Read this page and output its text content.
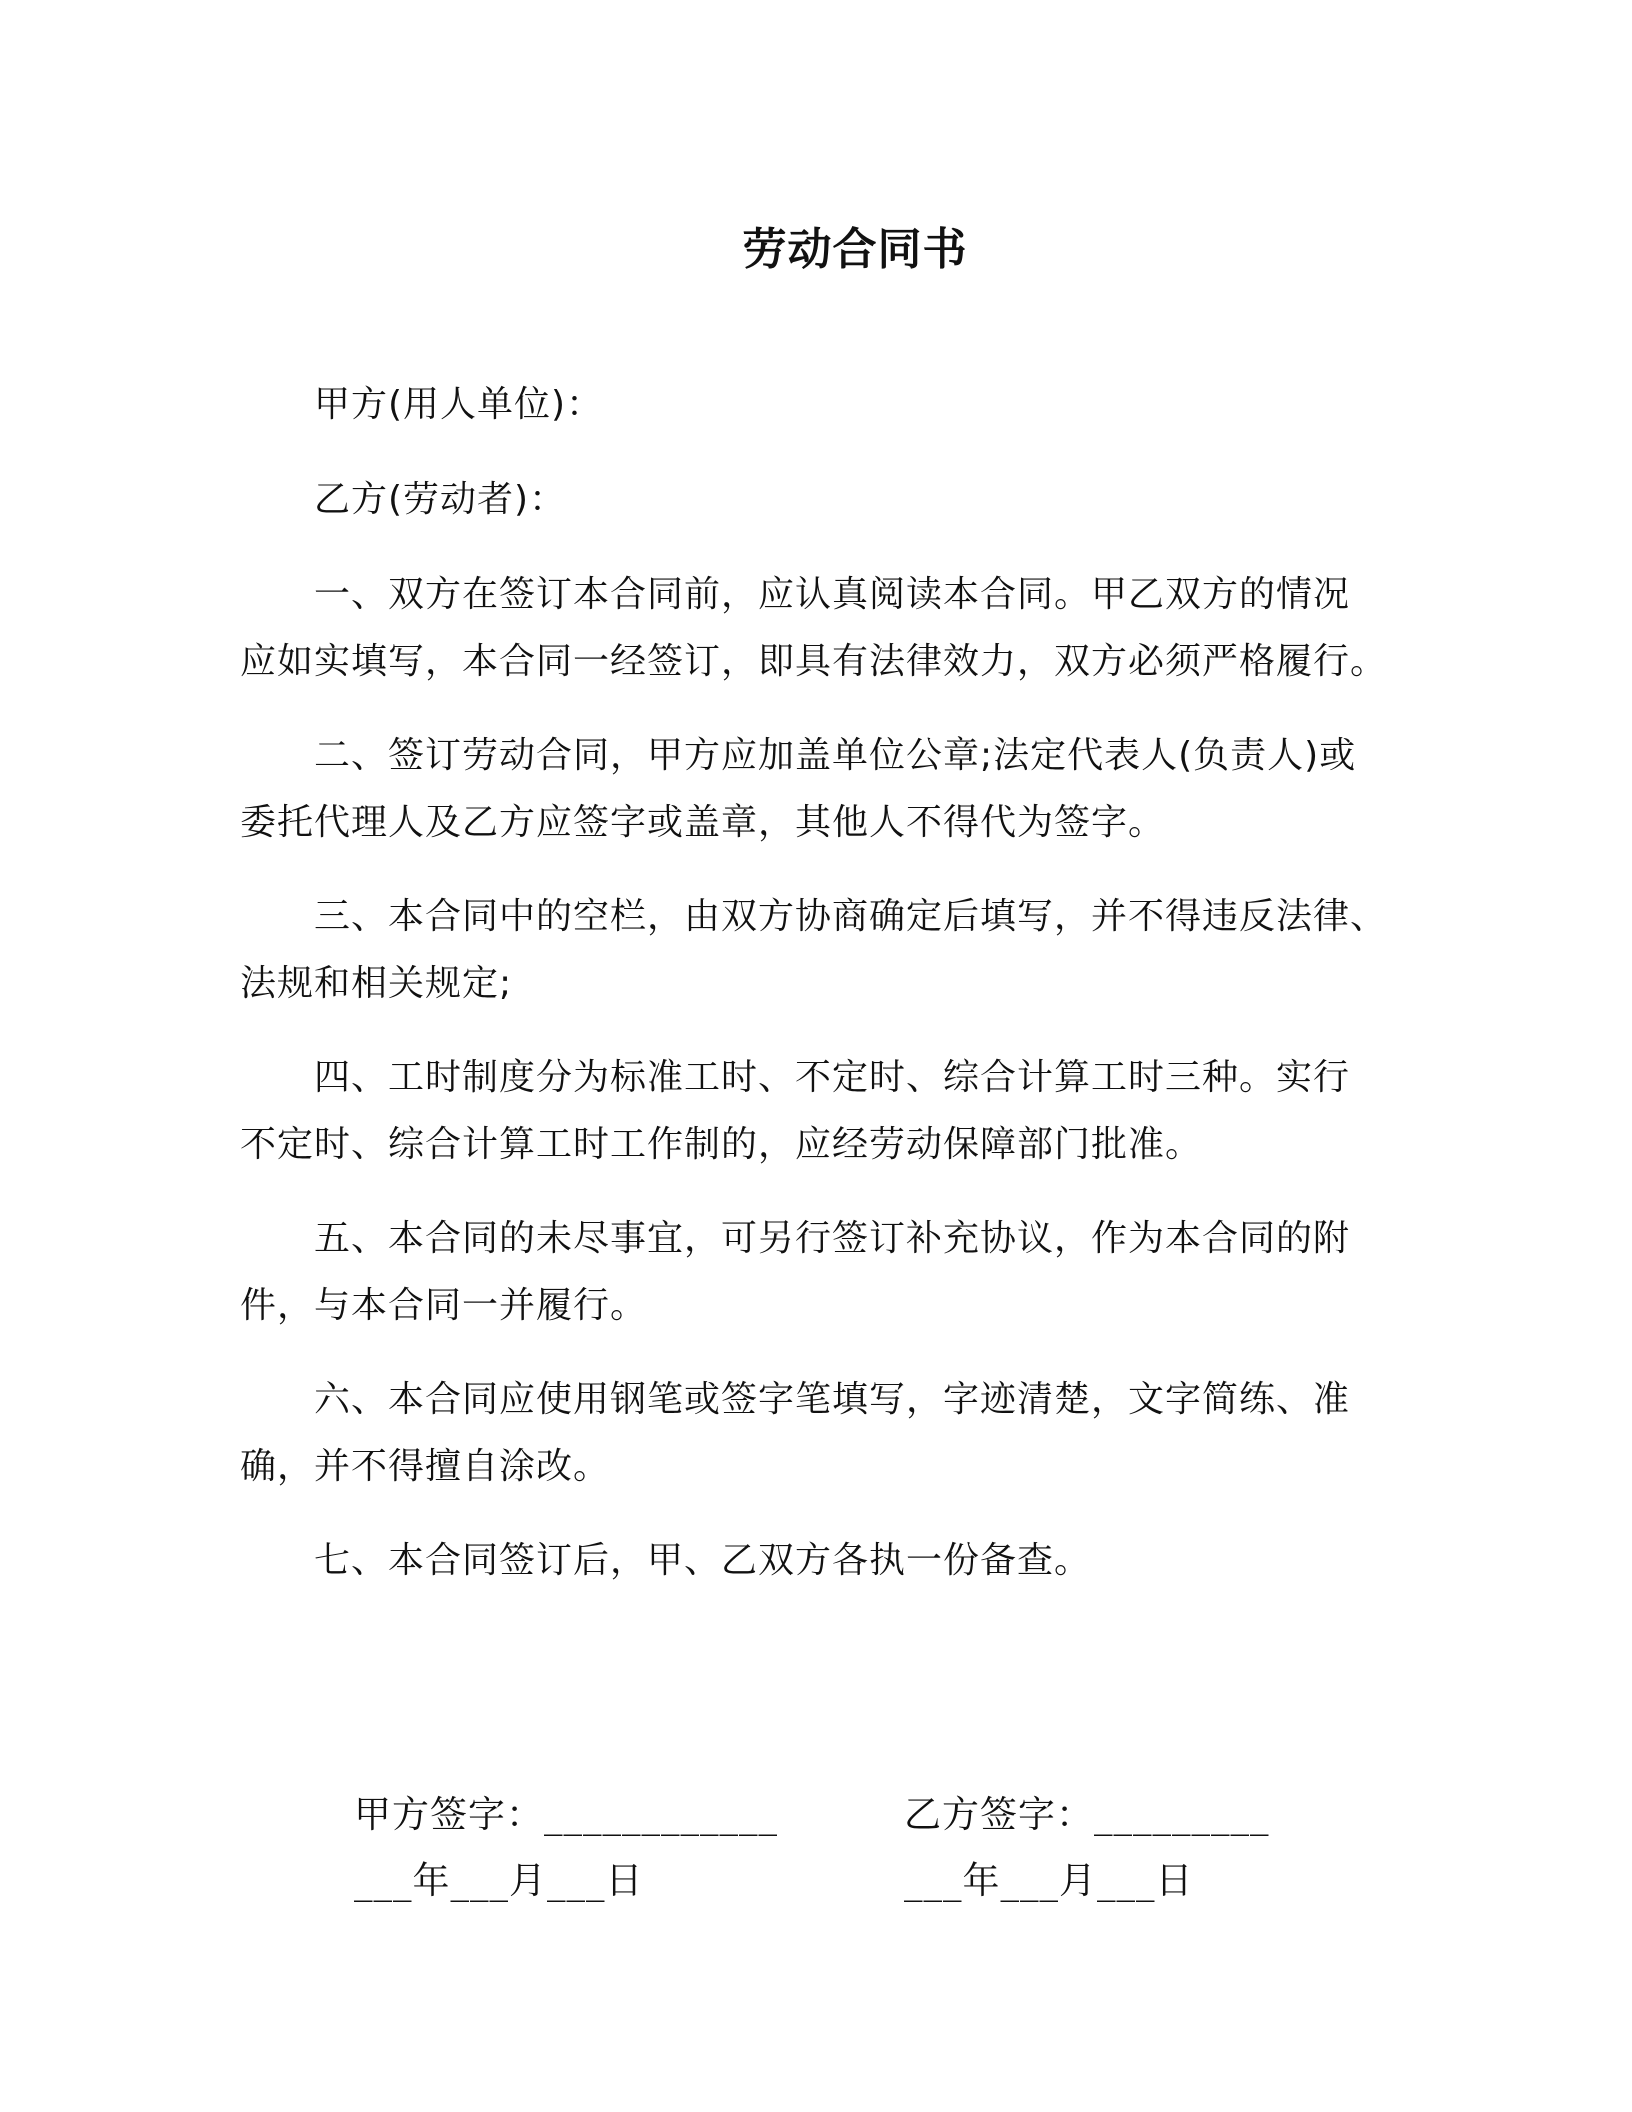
劳动合同书
甲方(用人单位)：
乙方(劳动者)：
一、双方在签订本合同前，应认真阅读本合同。甲乙双方的情况
应如实填写，本合同一经签订，即具有法律效力，双方必须严格履行。
二、签订劳动合同，甲方应加盖单位公章;法定代表人(负责人)或
委托代理人及乙方应签字或盖章，其他人不得代为签字。
三、本合同中的空栏，由双方协商确定后填写，并不得违反法律、
法规和相关规定;
四、工时制度分为标准工时、不定时、综合计算工时三种。实行
不定时、综合计算工时工作制的，应经劳动保障部门批准。
五、本合同的未尽事宜，可另行签订补充协议，作为本合同的附
件，与本合同一并履行。
六、本合同应使用钢笔或签字笔填写，字迹清楚，文字简练、准
确，并不得擅自涂改。
七、本合同签订后，甲、乙双方各执一份备查。
甲方签字：____________	乙方签字：_________
___年___月___日	___年___月___日
